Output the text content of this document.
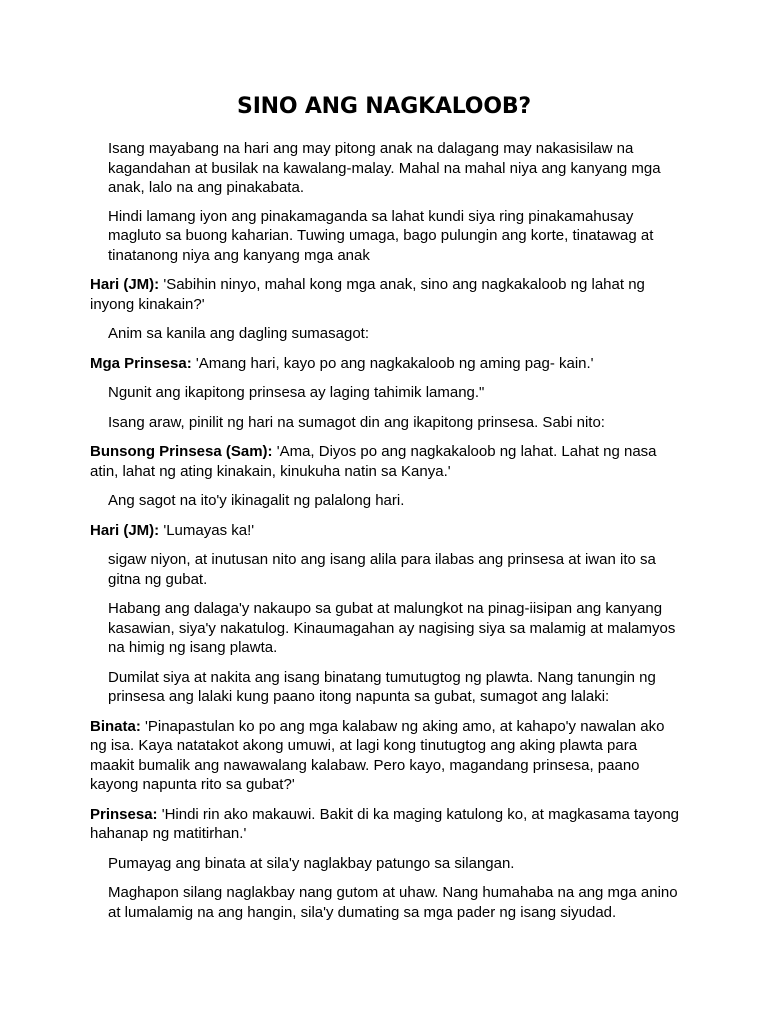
SINO ANG NAGKALOOB?

Isang mayabang na hari ang may pitong anak na dalagang may nakasisilaw na kagandahan at busilak na kawalang-malay. Mahal na mahal niya ang kanyang mga anak, lalo na ang pinakabata.

Hindi lamang iyon ang pinakamaganda sa lahat kundi siya ring pinakamahusay magluto sa buong kaharian. Tuwing umaga, bago pulungin ang korte, tinatawag at tinatanong niya ang kanyang mga anak

Hari (JM): 'Sabihin ninyo, mahal kong mga anak, sino ang nagkakaloob ng lahat ng inyong kinakain?'

Anim sa kanila ang dagling sumasagot:

Mga Prinsesa: 'Amang hari, kayo po ang nagkakaloob ng aming pag- kain.'

Ngunit ang ikapitong prinsesa ay laging tahimik lamang."

Isang araw, pinilit ng hari na sumagot din ang ikapitong prinsesa. Sabi nito:

Bunsong Prinsesa (Sam): 'Ama, Diyos po ang nagkakaloob ng lahat. Lahat ng nasa atin, lahat ng ating kinakain, kinukuha natin sa Kanya.'

Ang sagot na ito'y ikinagalit ng palalong hari.

Hari (JM): 'Lumayas ka!'

sigaw niyon, at inutusan nito ang isang alila para ilabas ang prinsesa at iwan ito sa gitna ng gubat.

Habang ang dalaga'y nakaupo sa gubat at malungkot na pinag-iisipan ang kanyang kasawian, siya'y nakatulog. Kinaumagahan ay nagising siya sa malamig at malamyos na himig ng isang plawta.

Dumilat siya at nakita ang isang binatang tumutugtog ng plawta. Nang tanungin ng prinsesa ang lalaki kung paano itong napunta sa gubat, sumagot ang lalaki:

Binata: 'Pinapastulan ko po ang mga kalabaw ng aking amo, at kahapo'y nawalan ako ng isa. Kaya natatakot akong umuwi, at lagi kong tinutugtog ang aking plawta para maakit bumalik ang nawawalang kalabaw. Pero kayo, magandang prinsesa, paano kayong napunta rito sa gubat?'

Prinsesa: 'Hindi rin ako makauwi. Bakit di ka maging katulong ko, at magkasama tayong hahanap ng matitirhan.'

Pumayag ang binata at sila'y naglakbay patungo sa silangan.

Maghapon silang naglakbay nang gutom at uhaw. Nang humahaba na ang mga anino at lumalamig na ang hangin, sila'y dumating sa mga pader ng isang siyudad.
